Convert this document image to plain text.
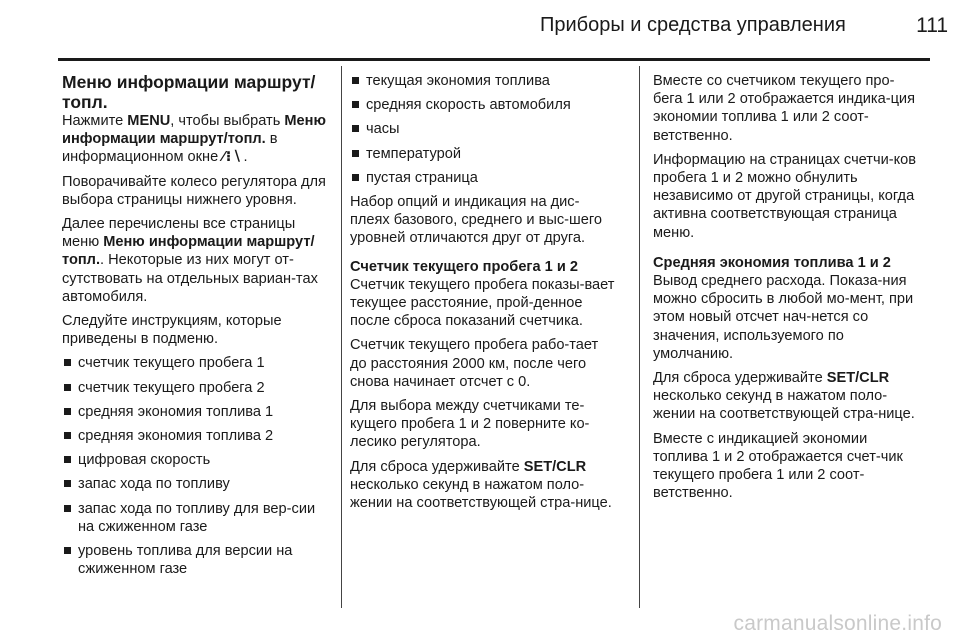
Приборы и средства управления	111
Меню информации маршрут/ топл.

Нажмите MENU, чтобы выбрать Меню информации маршрут/топл. в информационном окне ⁄⁝∖.

Поворачивайте колесо регулятора для выбора страницы нижнего уровня.

Далее перечислены все страницы меню Меню информации маршрут/ топл.. Некоторые из них могут от-сутствовать на отдельных вариан-тах автомобиля.

Следуйте инструкциям, которые приведены в подменю.

счетчик текущего пробега 1
счетчик текущего пробега 2
средняя экономия топлива 1
средняя экономия топлива 2
цифровая скорость
запас хода по топливу
запас хода по топливу для вер-сии на сжиженном газе
уровень топлива для версии на сжиженном газе
текущая экономия топлива
средняя скорость автомобиля
часы
температурой
пустая страница

Набор опций и индикация на дис-плеях базового, среднего и выс-шего уровней отличаются друг от друга.

Счетчик текущего пробега 1 и 2

Счетчик текущего пробега показы-вает текущее расстояние, прой-денное после сброса показаний счетчика.

Счетчик текущего пробега рабо-тает до расстояния 2000 км, после чего снова начинает отсчет с 0.

Для выбора между счетчиками те-кущего пробега 1 и 2 поверните ко-лесико регулятора.

Для сброса удерживайте SET/CLR несколько секунд в нажатом поло-жении на соответствующей стра-нице.

Вместе со счетчиком текущего про-бега 1 или 2 отображается индика-ция экономии топлива 1 или 2 соот-ветственно.

Информацию на страницах счетчи-ков пробега 1 и 2 можно обнулить независимо от другой страницы, когда активна соответствующая страница меню.

Средняя экономия топлива 1 и 2

Вывод среднего расхода. Показа-ния можно сбросить в любой мо-мент, при этом новый отсчет нач-нется со значения, используемого по умолчанию.

Для сброса удерживайте SET/CLR несколько секунд в нажатом поло-жении на соответствующей стра-нице.

Вместе с индикацией экономии топлива 1 и 2 отображается счет-чик текущего пробега 1 или 2 соот-ветственно.

carmanualsonline.info
